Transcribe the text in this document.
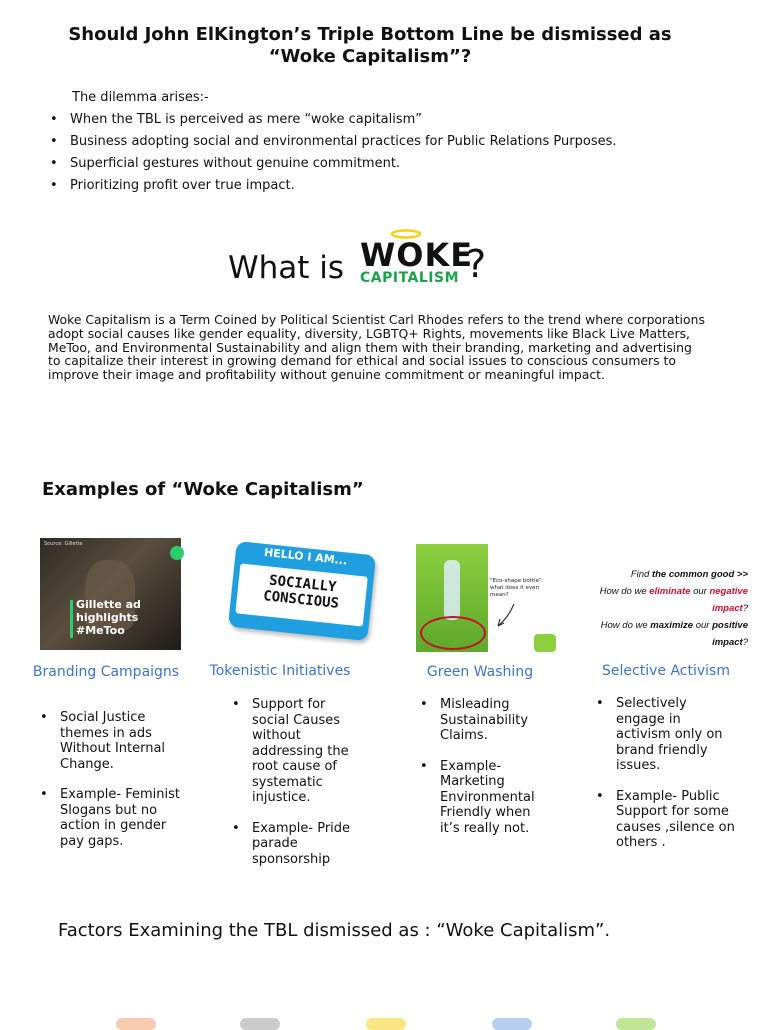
Should John ElKington’s Triple Bottom Line be dismissed as “Woke Capitalism”?
The dilemma arises:-
• When the TBL is perceived as mere “woke capitalism”
• Business adopting social and environmental practices for Public Relations Purposes.
• Superficial gestures without genuine commitment.
• Prioritizing profit over true impact.
What is WOKE
CAPITALISM ?
Woke Capitalism is a Term Coined by Political Scientist Carl Rhodes refers to the trend where corporations adopt social causes like gender equality, diversity, LGBTQ+ Rights, movements like Black Live Matters, MeToo, and Environmental Sustainability and align them with their branding, marketing and advertising to capitalize their interest in growing demand for ethical and social issues to conscious consumers to improve their image and profitability without genuine commitment or meaningful impact.
Examples of “Woke Capitalism”
Source: Gillette
Gillette ad highlights #MeToo
Branding Campaigns
• Social Justice themes in ads Without Internal Change.
• Example- Feminist Slogans but no action in gender pay gaps.
HELLO I AM...
SOCIALLY CONSCIOUS
Tokenistic Initiatives
• Support for social Causes without addressing the root cause of systematic injustice.
• Example- Pride parade sponsorship
"Eco-shape bottle": what does it even mean?
Green Washing
• Misleading Sustainability Claims.
• Example- Marketing Environmental Friendly when it’s really not.
Find the common good >>
How do we eliminate our negative impact?
How do we maximize our positive impact?
Selective Activism
• Selectively engage in activism only on brand friendly issues.
• Example- Public Support for some causes ,silence on others .
Factors Examining the TBL dismissed as : “Woke Capitalism”.
